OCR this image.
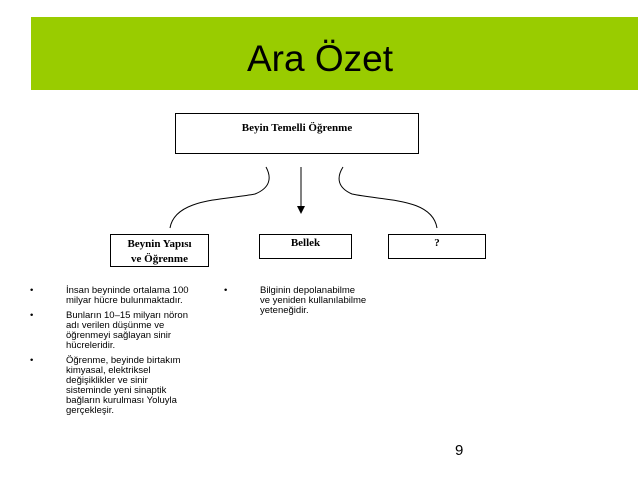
Ara Özet
Beyin Temelli Öğrenme
Beynin Yapısı
ve Öğrenme
Bellek	?
•	İnsan beyninde ortalama 100
milyar hücre bulunmaktadır.
•	Bunların 10–15 milyarı nöron
adı verilen düşünme ve
öğrenmeyi sağlayan sinir
hücreleridir.
•	Öğrenme, beyinde birtakım
kimyasal, elektriksel
değişiklikler ve sinir
sisteminde yeni sinaptik
bağların kurulması Yoluyla
gerçekleşir.
•	Bilginin depolanabilme
ve yeniden kullanılabilme
yeteneğidir.
9
